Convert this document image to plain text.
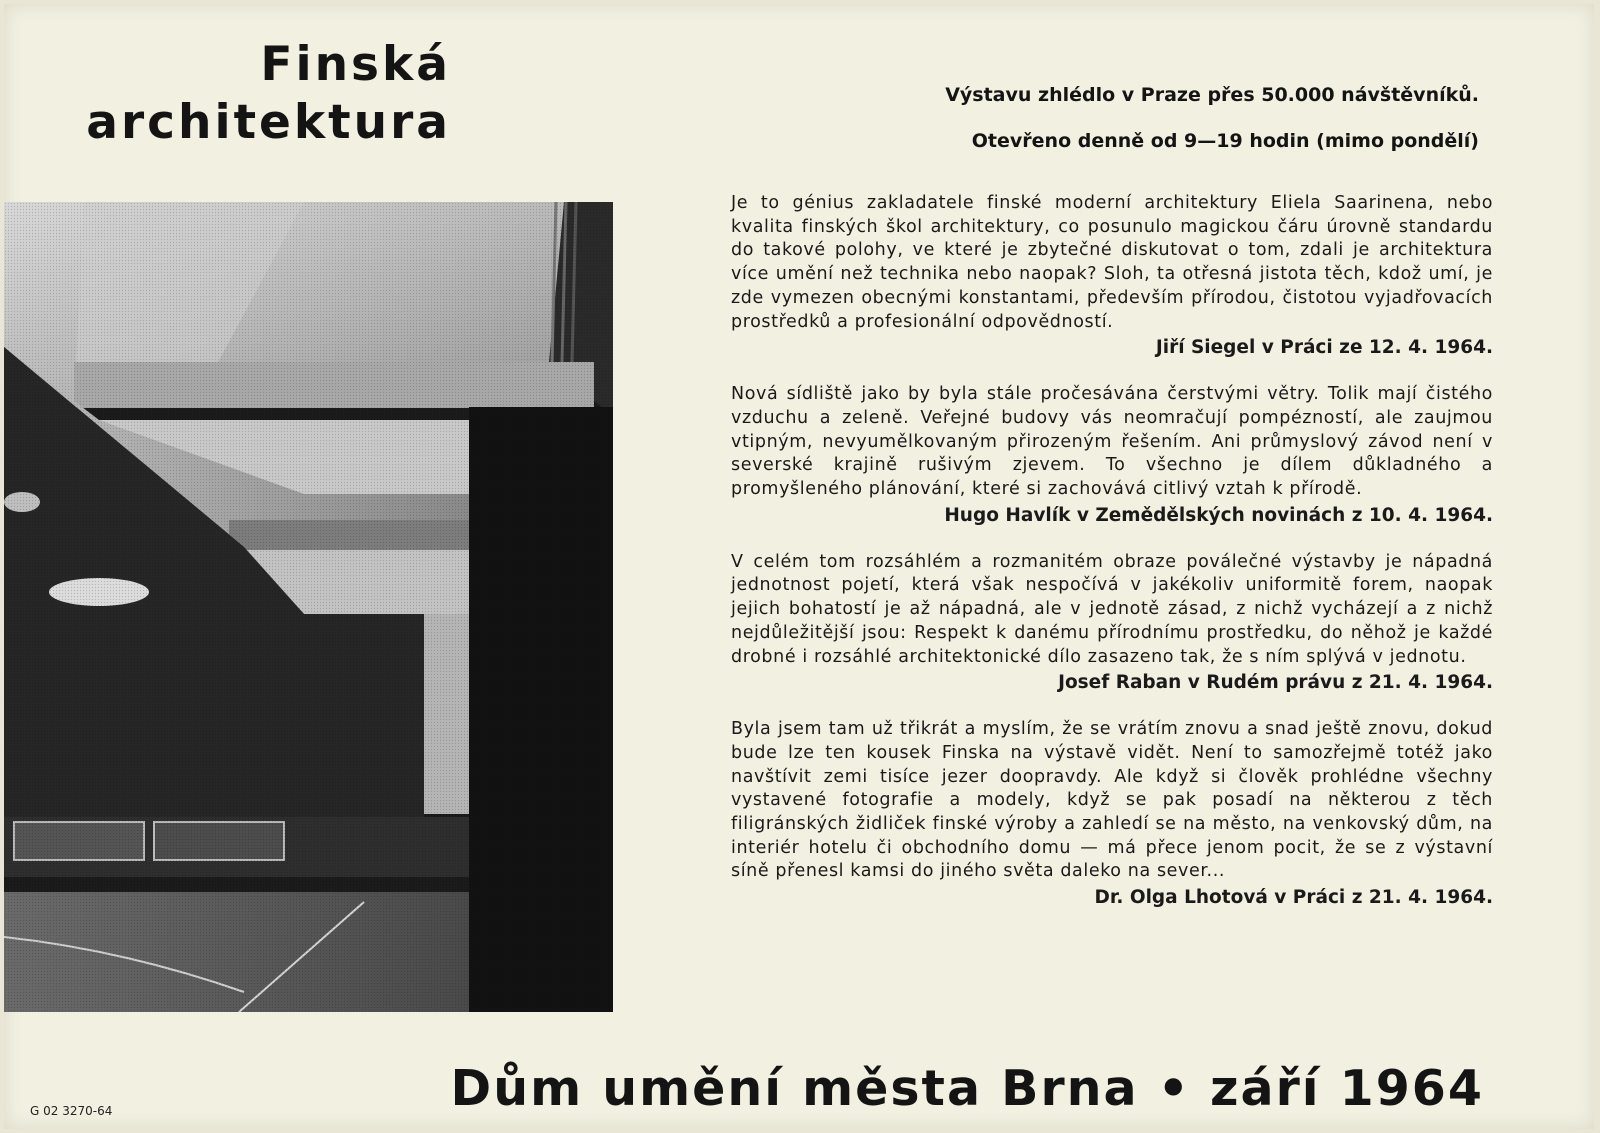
Finská
architektura	Výstavu zhlédlo v Praze přes 50.000 návštěvníků.
Otevřeno denně od 9—19 hodin (mimo pondělí)

Je to génius zakladatele finské moderní architektury Eliela Saarinena, nebo kvalita finských škol architektury, co posunulo magickou čáru úrovně standardu do takové polohy, ve které je zbytečné diskutovat o tom, zdali je architektura více umění než technika nebo naopak? Sloh, ta otřesná jistota těch, kdož umí, je zde vymezen obecnými konstantami, především přírodou, čistotou vyjadřovacích prostředků a profesionální odpovědností.

Jiří Siegel v Práci ze 12. 4. 1964.

Nová sídliště jako by byla stále pročesávána čerstvými větry. Tolik mají čistého vzduchu a zeleně. Veřejné budovy vás neomračují pompézností, ale zaujmou vtipným, nevyumělkovaným přirozeným řešením. Ani průmyslový závod není v severské krajině rušivým zjevem. To všechno je dílem důkladného a promyšleného plánování, které si zachovává citlivý vztah k přírodě.

Hugo Havlík v Zemědělských novinách z 10. 4. 1964.

V celém tom rozsáhlém a rozmanitém obraze poválečné výstavby je nápadná jednotnost pojetí, která však nespočívá v jakékoliv uniformitě forem, naopak jejich bohatostí je až nápadná, ale v jednotě zásad, z nichž vycházejí a z nichž nejdůležitější jsou: Respekt k danému přírodnímu prostředku, do něhož je každé drobné i rozsáhlé architektonické dílo zasazeno tak, že s ním splývá v jednotu.

Josef Raban v Rudém právu z 21. 4. 1964.

Byla jsem tam už třikrát a myslím, že se vrátím znovu a snad ještě znovu, dokud bude lze ten kousek Finska na výstavě vidět. Není to samozřejmě totéž jako navštívit zemi tisíce jezer doopravdy. Ale když si člověk prohlédne všechny vystavené fotografie a modely, když se pak posadí na některou z těch filigránských židliček finské výroby a zahledí se na město, na venkovský dům, na interiér hotelu či obchodního domu — má přece jenom pocit, že se z výstavní síně přenesl kamsi do jiného světa daleko na sever...

Dr. Olga Lhotová v Práci z 21. 4. 1964.

G 02 3270-64	Dům umění města Brna • září 1964
